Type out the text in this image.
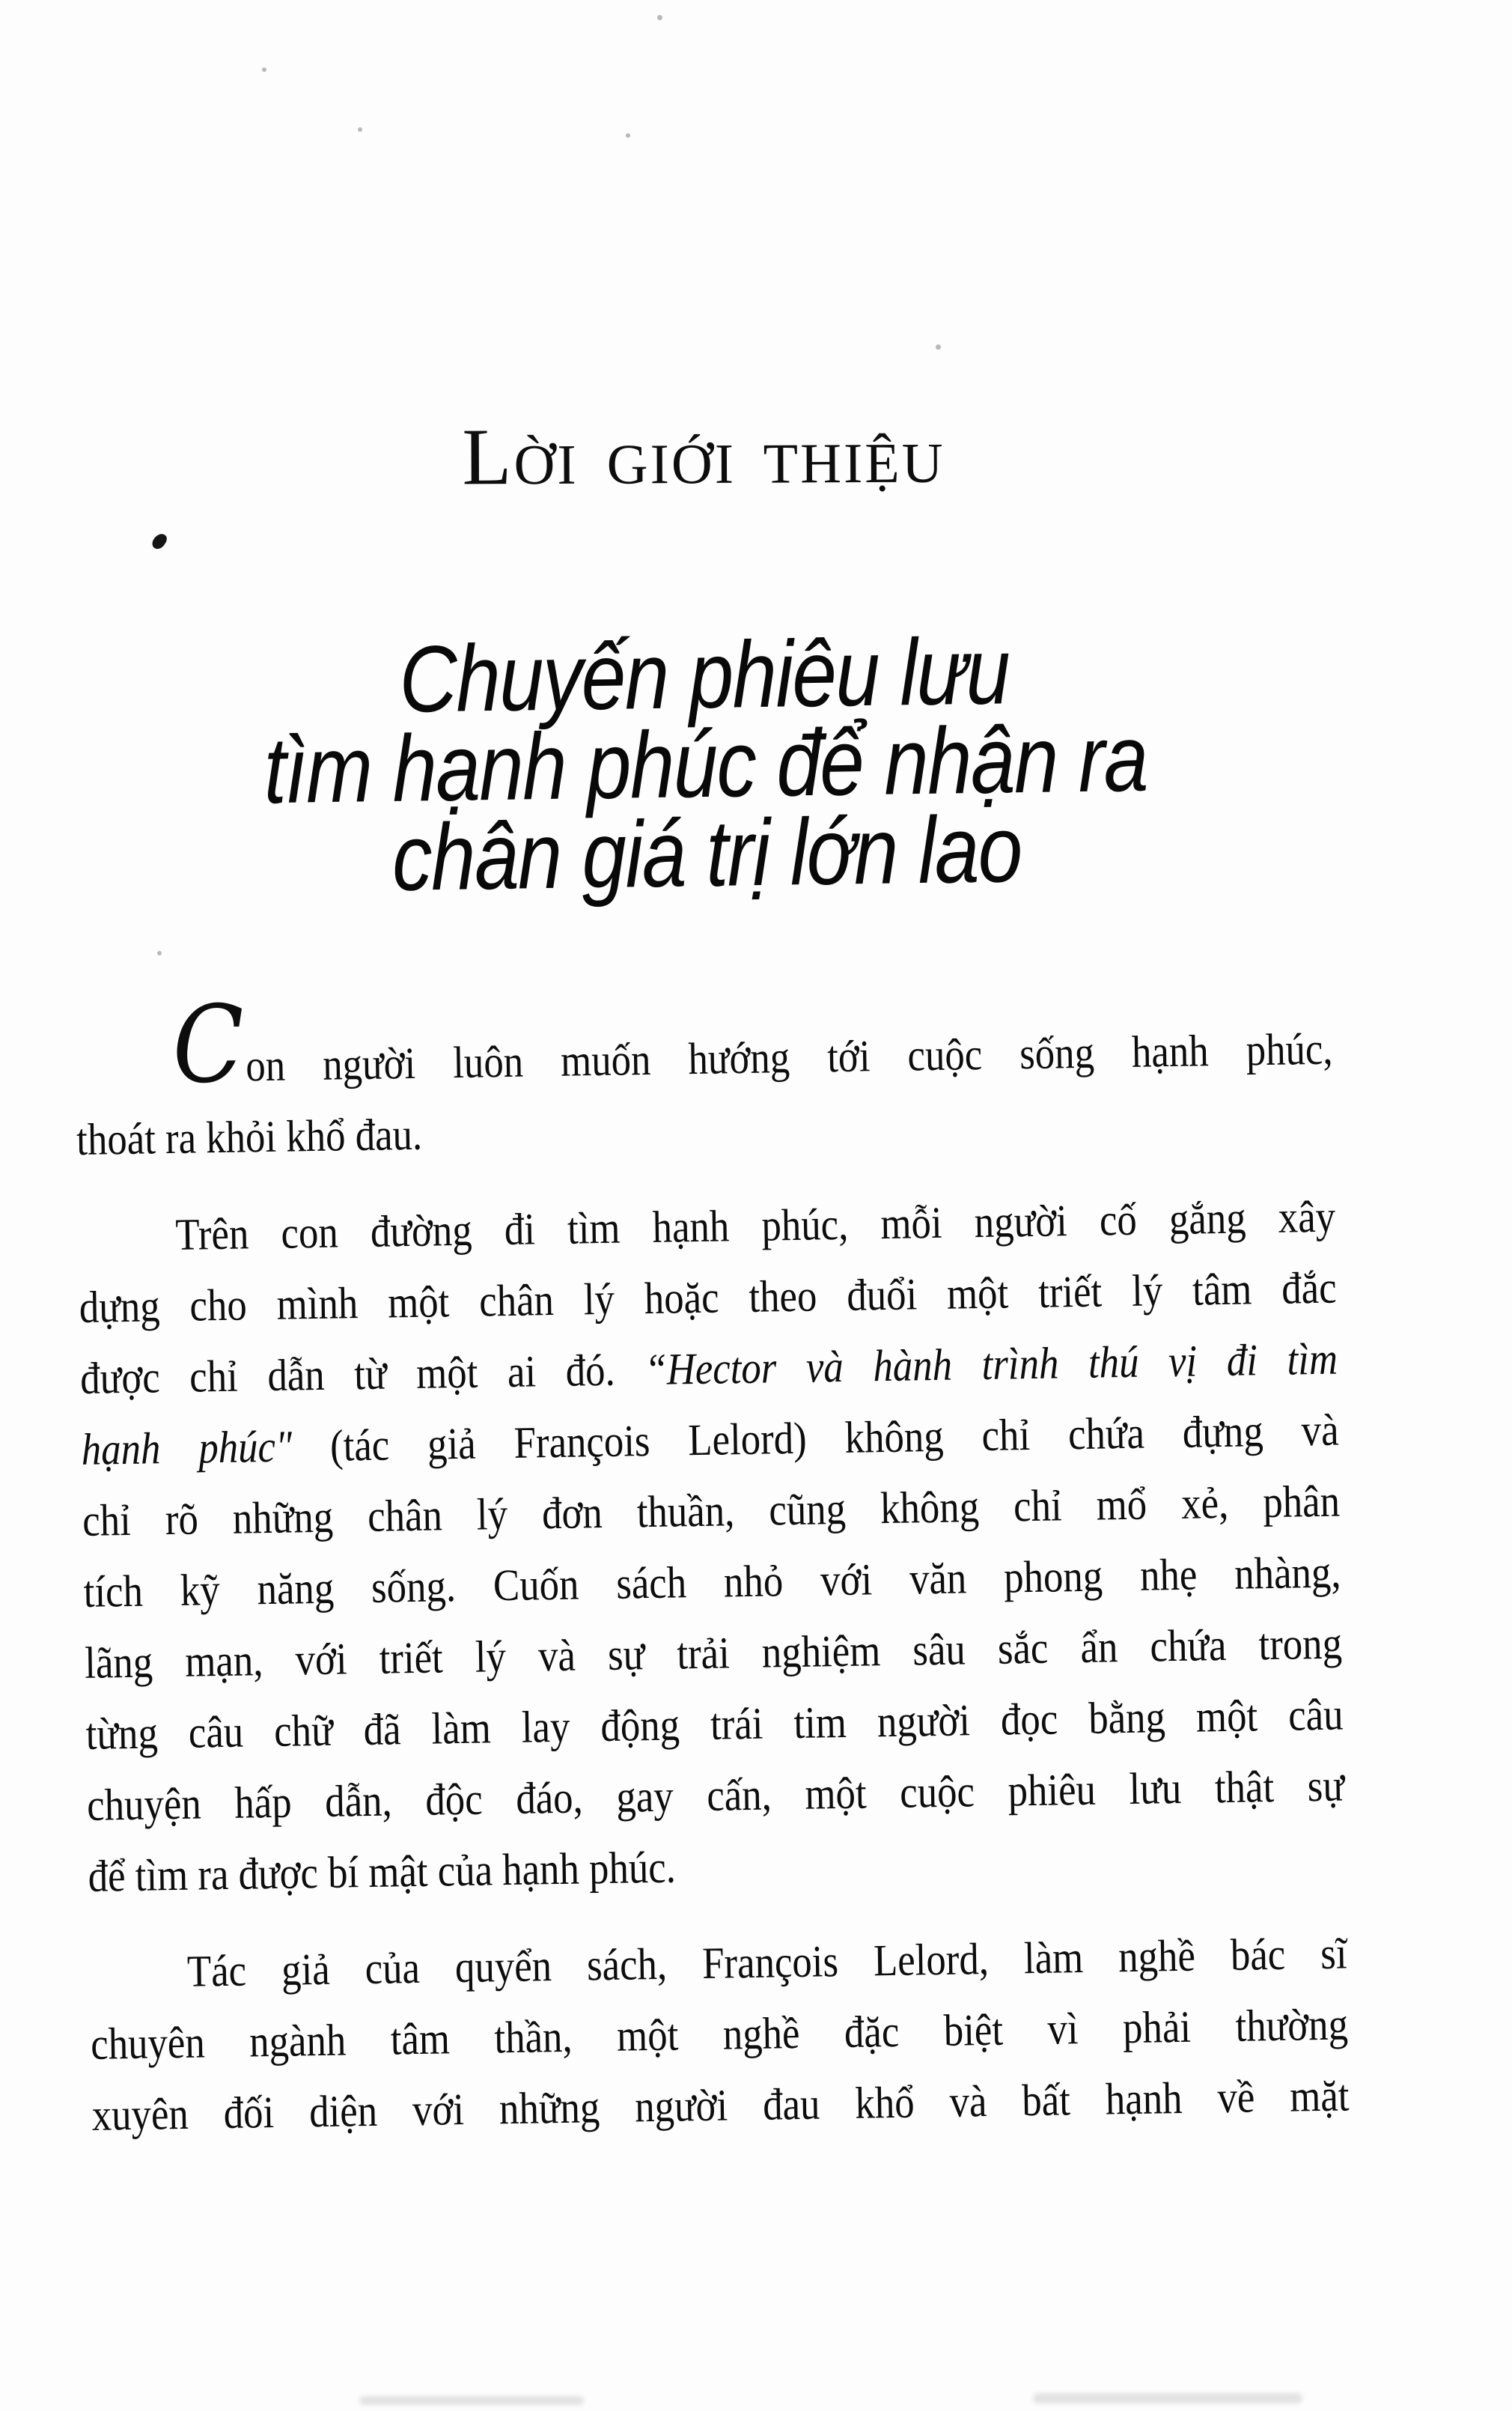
LỜI GIỚI THIỆU
Chuyến phiêu lưu
tìm hạnh phúc để nhận ra
chân giá trị lớn lao
Con người luôn muốn hướng tới cuộc sống hạnh phúc,
thoát ra khỏi khổ đau.
Trên con đường đi tìm hạnh phúc, mỗi người cố gắng xây
dựng cho mình một chân lý hoặc theo đuổi một triết lý tâm đắc
được chỉ dẫn từ một ai đó. “Hector và hành trình thú vị đi tìm
hạnh phúc" (tác giả François Lelord) không chỉ chứa đựng và
chỉ rõ những chân lý đơn thuần, cũng không chỉ mổ xẻ, phân
tích kỹ năng sống. Cuốn sách nhỏ với văn phong nhẹ nhàng,
lãng mạn, với triết lý và sự trải nghiệm sâu sắc ẩn chứa trong
từng câu chữ đã làm lay động trái tim người đọc bằng một câu
chuyện hấp dẫn, độc đáo, gay cấn, một cuộc phiêu lưu thật sự
để tìm ra được bí mật của hạnh phúc.
Tác giả của quyển sách, François Lelord, làm nghề bác sĩ
chuyên ngành tâm thần, một nghề đặc biệt vì phải thường
xuyên đối diện với những người đau khổ và bất hạnh về mặt
